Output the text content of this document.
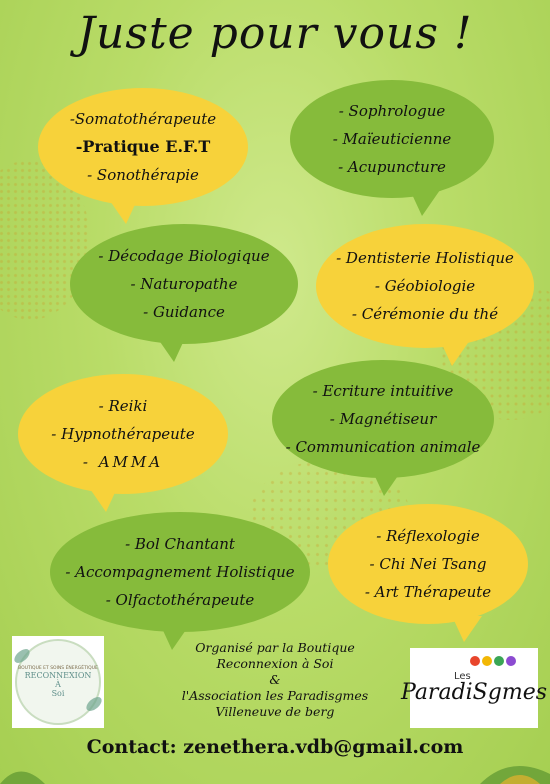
Juste pour vous !
-Somatothérapeute
-Pratique E.F.T
- Sonothérapie
- Sophrologue
- Maïeuticienne
- Acupuncture
- Décodage Biologique
- Naturopathe
- Guidance
- Dentisterie Holistique
- Géobiologie
- Cérémonie du thé
- Reiki
- Hypnothérapeute
- AMMA
- Ecriture intuitive
- Magnétiseur
- Communication animale
- Bol Chantant
- Accompagnement Holistique
- Olfactothérapeute
- Réflexologie
- Chi Nei Tsang
- Art Thérapeute
BOUTIQUE ET SOINS ÉNERGÉTIQUE
RECONNEXION
À
Soi
Organisé par la Boutique
Reconnexion à Soi
&
l'Association les Paradisgmes
Villeneuve de berg
Les
ParadiSgmes
Contact: zenethera.vdb@gmail.com
